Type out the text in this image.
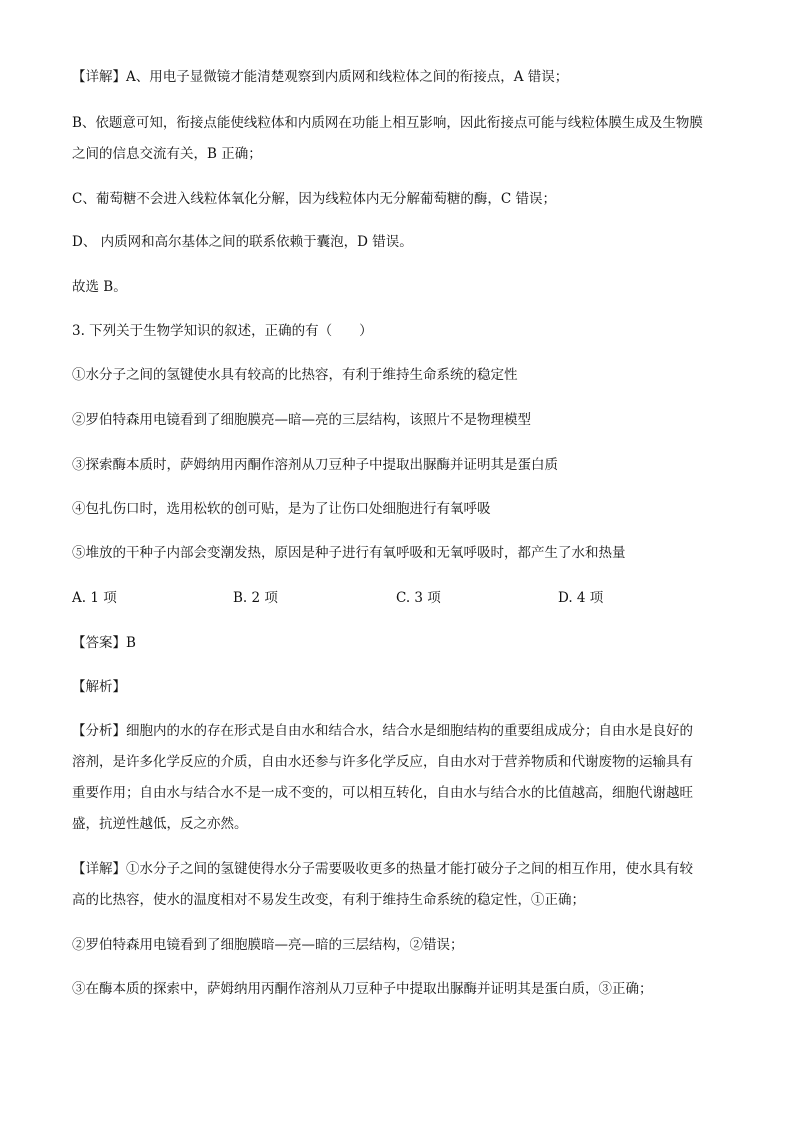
【详解】A、用电子显微镜才能清楚观察到内质网和线粒体之间的衔接点，A 错误；
B、依题意可知，衔接点能使线粒体和内质网在功能上相互影响，因此衔接点可能与线粒体膜生成及生物膜
之间的信息交流有关，B 正确；
C、葡萄糖不会进入线粒体氧化分解，因为线粒体内无分解葡萄糖的酶，C 错误；
D、 内质网和高尔基体之间的联系依赖于囊泡，D 错误。
故选 B。
3. 下列关于生物学知识的叙述，正确的有（　　）
①水分子之间的氢键使水具有较高的比热容，有利于维持生命系统的稳定性
②罗伯特森用电镜看到了细胞膜亮—暗—亮的三层结构，该照片不是物理模型
③探索酶本质时，萨姆纳用丙酮作溶剂从刀豆种子中提取出脲酶并证明其是蛋白质
④包扎伤口时，选用松软的创可贴，是为了让伤口处细胞进行有氧呼吸
⑤堆放的干种子内部会变潮发热，原因是种子进行有氧呼吸和无氧呼吸时，都产生了水和热量
A. 1 项	B. 2 项	C. 3 项	D. 4 项
【答案】B
【解析】
【分析】细胞内的水的存在形式是自由水和结合水，结合水是细胞结构的重要组成成分；自由水是良好的
溶剂，是许多化学反应的介质，自由水还参与许多化学反应，自由水对于营养物质和代谢废物的运输具有
重要作用；自由水与结合水不是一成不变的，可以相互转化，自由水与结合水的比值越高，细胞代谢越旺
盛，抗逆性越低，反之亦然。
【详解】①水分子之间的氢键使得水分子需要吸收更多的热量才能打破分子之间的相互作用，使水具有较
高的比热容，使水的温度相对不易发生改变，有利于维持生命系统的稳定性，①正确；
②罗伯特森用电镜看到了细胞膜暗—亮—暗的三层结构，②错误；
③在酶本质的探索中，萨姆纳用丙酮作溶剂从刀豆种子中提取出脲酶并证明其是蛋白质，③正确；
